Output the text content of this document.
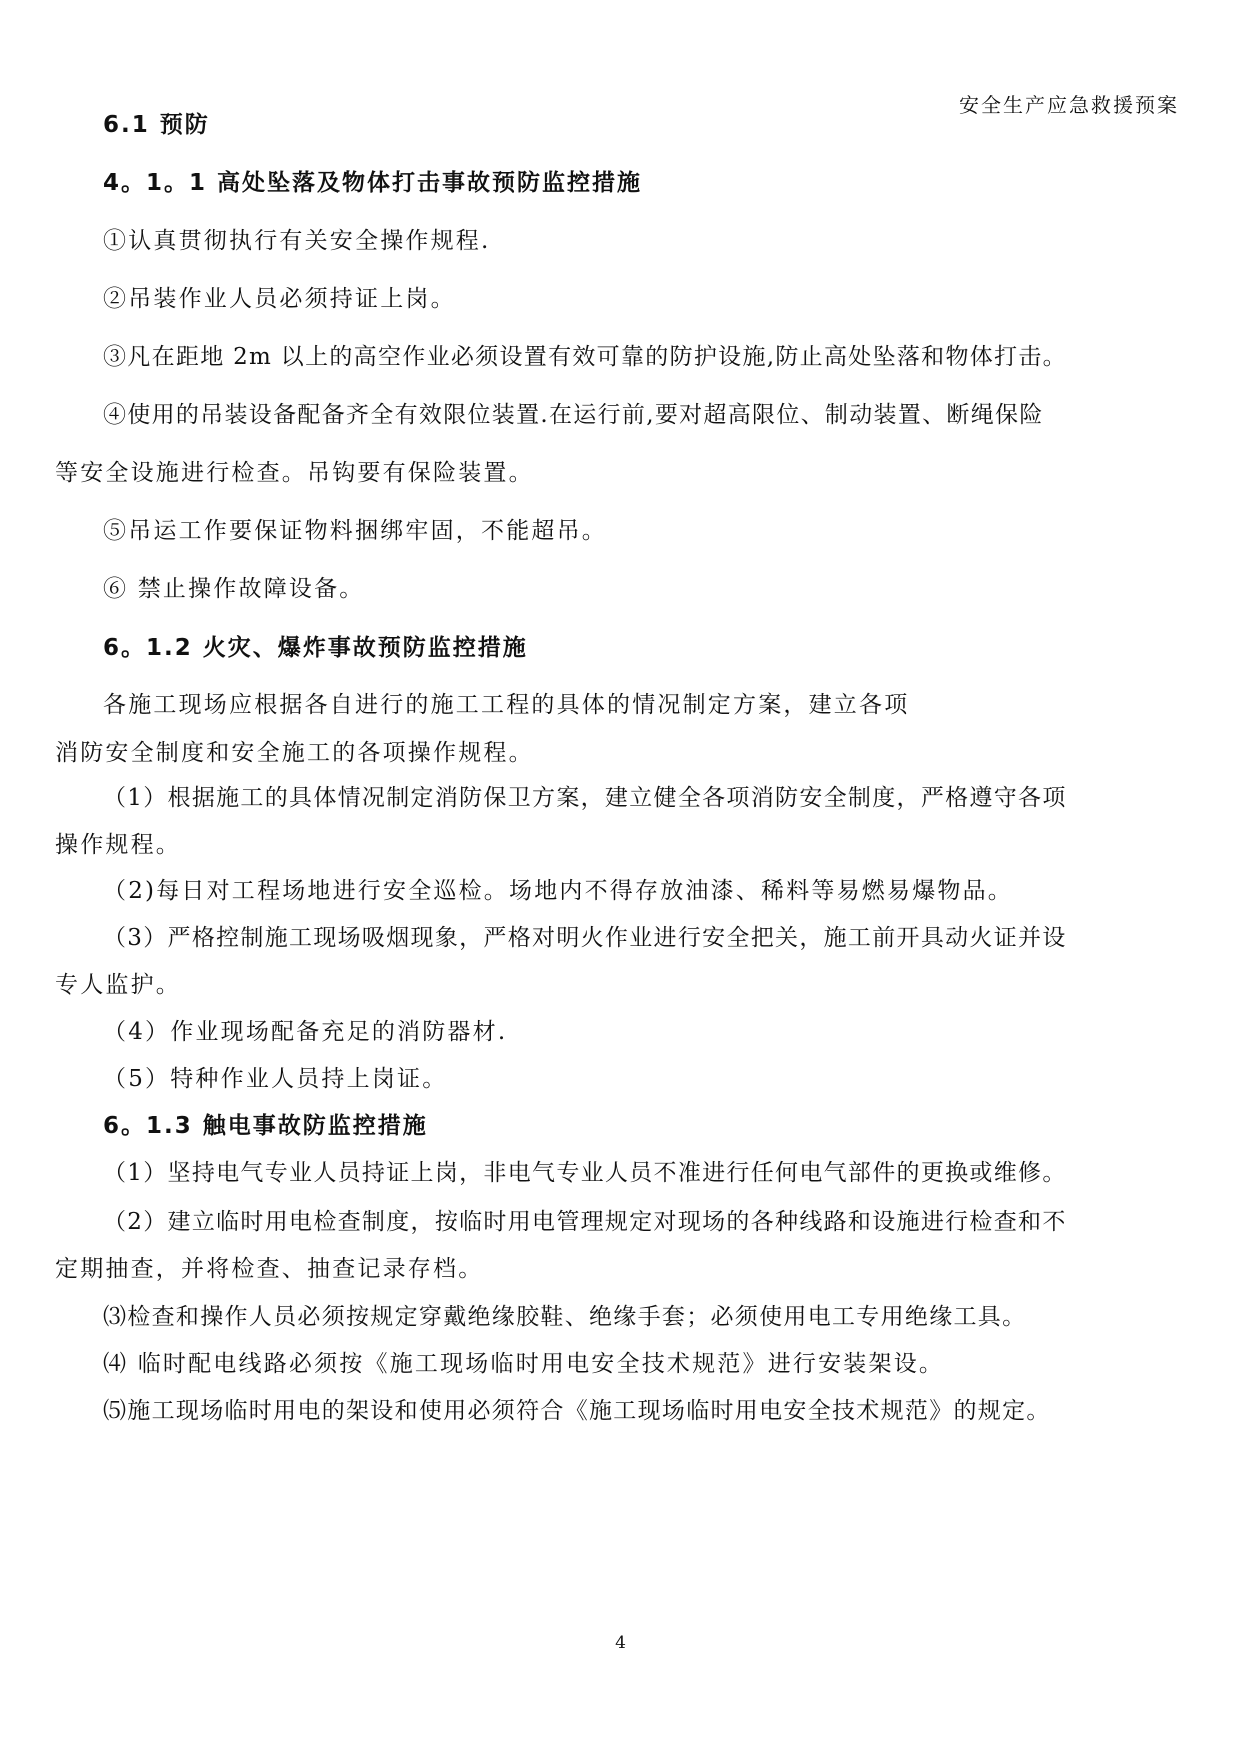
安全生产应急救援预案
6.1 预防
4。1。1 高处坠落及物体打击事故预防监控措施
①认真贯彻执行有关安全操作规程.
②吊装作业人员必须持证上岗。
③凡在距地 2m 以上的高空作业必须设置有效可靠的防护设施,防止高处坠落和物体打击。
④使用的吊装设备配备齐全有效限位装置.在运行前,要对超高限位、制动装置、断绳保险
等安全设施进行检查。吊钩要有保险装置。
⑤吊运工作要保证物料捆绑牢固，不能超吊。
⑥ 禁止操作故障设备。
6。1.2 火灾、爆炸事故预防监控措施
各施工现场应根据各自进行的施工工程的具体的情况制定方案，建立各项
消防安全制度和安全施工的各项操作规程。
（1）根据施工的具体情况制定消防保卫方案，建立健全各项消防安全制度，严格遵守各项
操作规程。
（2)每日对工程场地进行安全巡检。场地内不得存放油漆、稀料等易燃易爆物品。
（3）严格控制施工现场吸烟现象，严格对明火作业进行安全把关，施工前开具动火证并设
专人监护。
（4）作业现场配备充足的消防器材.
（5）特种作业人员持上岗证。
6。1.3 触电事故防监控措施
（1）坚持电气专业人员持证上岗，非电气专业人员不准进行任何电气部件的更换或维修。
（2）建立临时用电检查制度，按临时用电管理规定对现场的各种线路和设施进行检查和不
定期抽查，并将检查、抽查记录存档。
⑶检查和操作人员必须按规定穿戴绝缘胶鞋、绝缘手套；必须使用电工专用绝缘工具。
⑷ 临时配电线路必须按《施工现场临时用电安全技术规范》进行安装架设。
⑸施工现场临时用电的架设和使用必须符合《施工现场临时用电安全技术规范》的规定。
4
